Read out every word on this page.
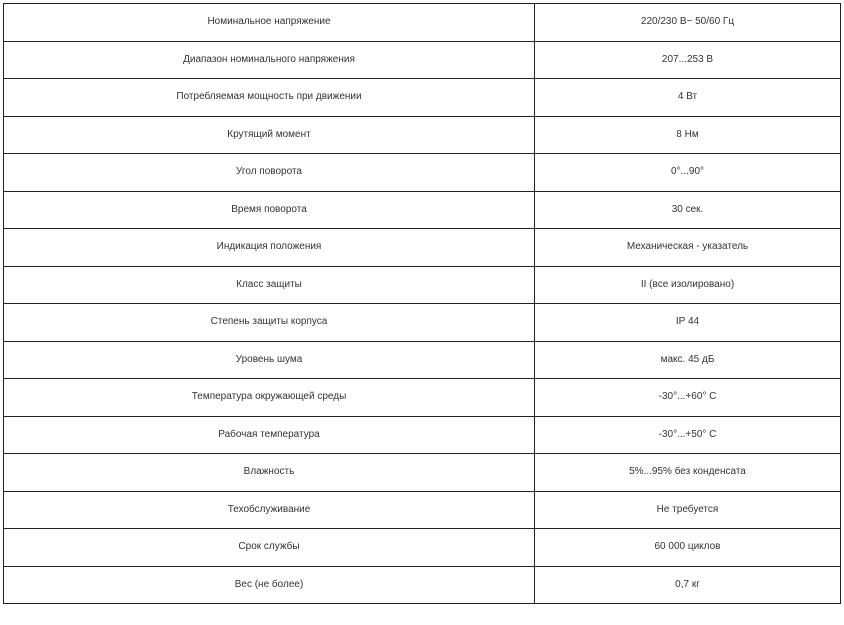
Номинальное напряжение	220/230 В~ 50/60 Гц
Диапазон номинального напряжения	207...253 В
Потребляемая мощность при движении	4 Вт
Крутящий момент	8 Нм
Угол поворота	0°...90°
Время поворота	30 сек.
Индикация положения	Механическая - указатель
Класс защиты	II (все изолировано)
Степень защиты корпуса	IP 44
Уровень шума	макс. 45 дБ
Температура окружающей среды	-30°...+60° С
Рабочая температура	-30°...+50° С
Влажность	5%...95% без конденсата
Техобслуживание	Не требуется
Срок службы	60 000 циклов
Вес (не более)	0,7 кг
